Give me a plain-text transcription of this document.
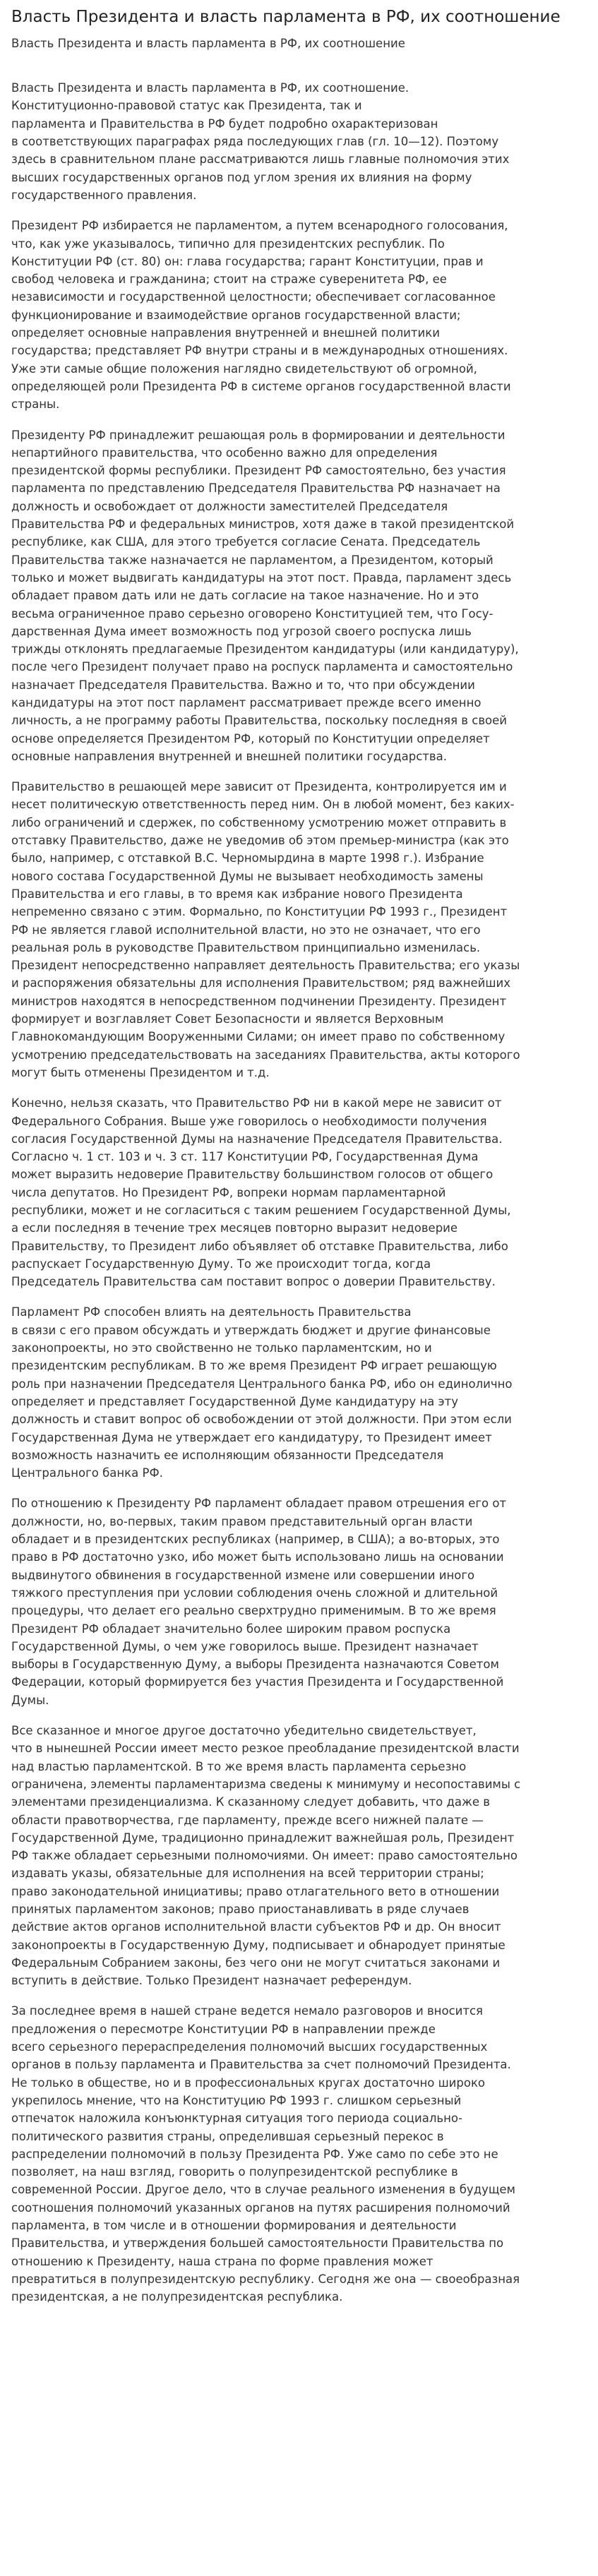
Власть Президента и власть парламента в РФ, их соотношение
Власть Президента и власть парламента в РФ, их соотношение

Власть Президента и власть парламента в РФ, их соотношение.
Конституционно-правовой статус как Президента, так и
парламента и Правительства в РФ будет подробно охарактеризован
в соответствующих параграфах ряда последующих глав (гл. 10—12). Поэтому
здесь в сравнительном плане рассматриваются лишь главные полномочия этих
высших государственных органов под углом зрения их влияния на форму
государственного правления.

Президент РФ избирается не парламентом, а путем всенародного голосования,
что, как уже указывалось, типично для президентских республик. По
Конституции РФ (ст. 80) он: глава государства; гарант Конституции, прав и
свобод человека и гражданина; стоит на страже суверенитета РФ, ее
независимости и государственной целостности; обеспечивает согласованное
функционирование и взаимодействие органов государственной власти;
определяет основные направления внутренней и внешней политики
государства; представляет РФ внутри страны и в международных отношениях.
Уже эти самые общие положения наглядно свидетельствуют об огромной,
определяющей роли Президента РФ в системе органов государственной власти
страны.

Президенту РФ принадлежит решающая роль в формировании и деятельности
непартийного правительства, что особенно важно для определения
президентской формы республики. Президент РФ самостоятельно, без участия
парламента по представлению Председателя Правительства РФ назначает на
должность и освобождает от должности заместителей Председателя
Правительства РФ и федеральных министров, хотя даже в такой президентской
республике, как США, для этого требуется согласие Сената. Председатель
Правительства также назначается не парламентом, а Президентом, который
только и может выдвигать кандидатуры на этот пост. Правда, парламент здесь
обладает правом дать или не дать согласие на такое назначение. Но и это
весьма ограниченное право серьезно оговорено Конституцией тем, что Госу-
дарственная Дума имеет возможность под угрозой своего роспуска лишь
трижды отклонять предлагаемые Президентом кандидатуры (или кандидатуру),
после чего Президент получает право на роспуск парламента и самостоятельно
назначает Председателя Правительства. Важно и то, что при обсуждении
кандидатуры на этот пост парламент рассматривает прежде всего именно
личность, а не программу работы Правительства, поскольку последняя в своей
основе определяется Президентом РФ, который по Конституции определяет
основные направления внутренней и внешней политики государства.

Правительство в решающей мере зависит от Президента, контролируется им и
несет политическую ответственность перед ним. Он в любой момент, без каких-
либо ограничений и сдержек, по собственному усмотрению может отправить в
отставку Правительство, даже не уведомив об этом премьер-министра (как это
было, например, с отставкой В.С. Черномырдина в марте 1998 г.). Избрание
нового состава Государственной Думы не вызывает необходимость замены
Правительства и его главы, в то время как избрание нового Президента
непременно связано с этим. Формально, по Конституции РФ 1993 г., Президент
РФ не является главой исполнительной власти, но это не означает, что его
реальная роль в руководстве Правительством принципиально изменилась.
Президент непосредственно направляет деятельность Правительства; его указы
и распоряжения обязательны для исполнения Правительством; ряд важнейших
министров находятся в непосредственном подчинении Президенту. Президент
формирует и возглавляет Совет Безопасности и является Верховным
Главнокомандующим Вооруженными Силами; он имеет право по собственному
усмотрению председательствовать на заседаниях Правительства, акты которого
могут быть отменены Президентом и т.д.

Конечно, нельзя сказать, что Правительство РФ ни в какой мере не зависит от
Федерального Собрания. Выше уже говорилось о необходимости получения
согласия Государственной Думы на назначение Председателя Правительства.
Согласно ч. 1 ст. 103 и ч. 3 ст. 117 Конституции РФ, Государственная Дума
может выразить недоверие Правительству большинством голосов от общего
числа депутатов. Но Президент РФ, вопреки нормам парламентарной
республики, может и не согласиться с таким решением Государственной Думы,
а если последняя в течение трех месяцев повторно выразит недоверие
Правительству, то Президент либо объявляет об отставке Правительства, либо
распускает Государственную Думу. То же происходит тогда, когда
Председатель Правительства сам поставит вопрос о доверии Правительству.

Парламент РФ способен влиять на деятельность Правительства
в связи с его правом обсуждать и утверждать бюджет и другие финансовые
законопроекты, но это свойственно не только парламентским, но и
президентским республикам. В то же время Президент РФ играет решающую
роль при назначении Председателя Центрального банка РФ, ибо он единолично
определяет и представляет Государственной Думе кандидатуру на эту
должность и ставит вопрос об освобождении от этой должности. При этом если
Государственная Дума не утверждает его кандидатуру, то Президент имеет
возможность назначить ее исполняющим обязанности Председателя
Центрального банка РФ.

По отношению к Президенту РФ парламент обладает правом отрешения его от
должности, но, во-первых, таким правом представительный орган власти
обладает и в президентских республиках (например, в США); а во-вторых, это
право в РФ достаточно узко, ибо может быть использовано лишь на основании
выдвинутого обвинения в государственной измене или совершении иного
тяжкого преступления при условии соблюдения очень сложной и длительной
процедуры, что делает его реально сверхтрудно применимым. В то же время
Президент РФ обладает значительно более широким правом роспуска
Государственной Думы, о чем уже говорилось выше. Президент назначает
выборы в Государственную Думу, а выборы Президента назначаются Советом
Федерации, который формируется без участия Президента и Государственной
Думы.

Все сказанное и многое другое достаточно убедительно свидетельствует,
что в нынешней России имеет место резкое преобладание президентской власти
над властью парламентской. В то же время власть парламента серьезно
ограничена, элементы парламентаризма сведены к минимуму и несопоставимы с
элементами президенциализма. К сказанному следует добавить, что даже в
области правотворчества, где парламенту, прежде всего нижней палате —
Государственной Думе, традиционно принадлежит важнейшая роль, Президент
РФ также обладает серьезными полномочиями. Он имеет: право самостоятельно
издавать указы, обязательные для исполнения на всей территории страны;
право законодательной инициативы; право отлагательного вето в отношении
принятых парламентом законов; право приостанавливать в ряде случаев
действие актов органов исполнительной власти субъектов РФ и др. Он вносит
законопроекты в Государственную Думу, подписывает и обнародует принятые
Федеральным Собранием законы, без чего они не могут считаться законами и
вступить в действие. Только Президент назначает референдум.

За последнее время в нашей стране ведется немало разговоров и вносится
предложения о пересмотре Конституции РФ в направлении прежде
всего серьезного перераспределения полномочий высших государственных
органов в пользу парламента и Правительства за счет полномочий Президента.
Не только в обществе, но и в профессиональных кругах достаточно широко
укрепилось мнение, что на Конституцию РФ 1993 г. слишком серьезный
отпечаток наложила конъюнктурная ситуация того периода социально-
политического развития страны, определившая серьезный перекос в
распределении полномочий в пользу Президента РФ. Уже само по себе это не
позволяет, на наш взгляд, говорить о полупрезидентской республике в
современной России. Другое дело, что в случае реального изменения в будущем
соотношения полномочий указанных органов на путях расширения полномочий
парламента, в том числе и в отношении формирования и деятельности
Правительства, и утверждения большей самостоятельности Правительства по
отношению к Президенту, наша страна по форме правления может
превратиться в полупрезидентскую республику. Сегодня же она — своеобразная
президентская, а не полупрезидентская республика.
